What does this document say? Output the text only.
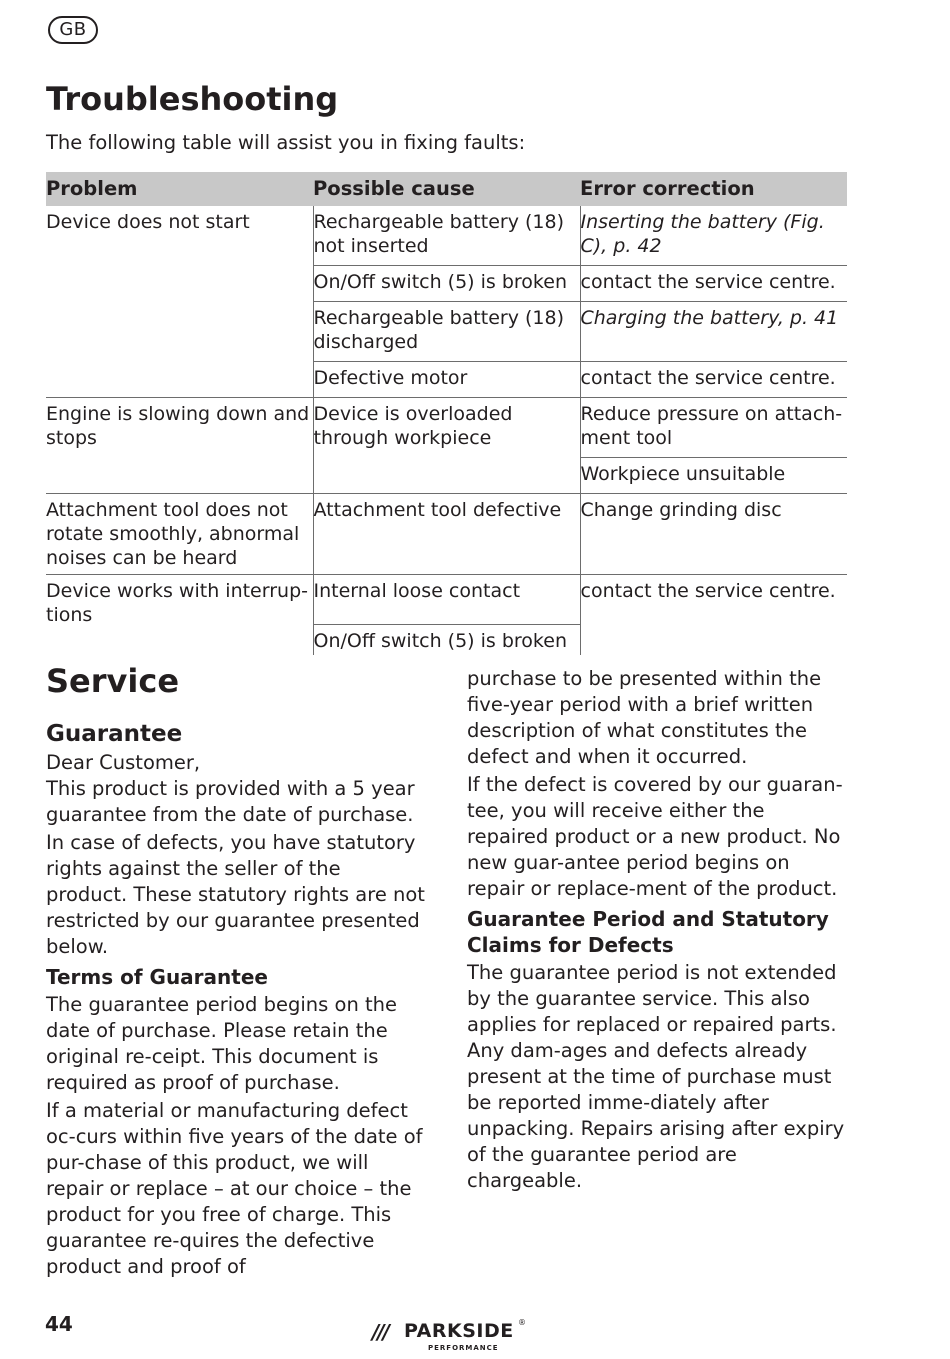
GB
Troubleshooting
The following table will assist you in fixing faults:
Problem	Possible cause	Error correction
Device does not start	Rechargeable battery (18) not inserted	Inserting the battery (Fig. C), p. 42
	On/Off switch (5) is broken	contact the service centre.
	Rechargeable battery (18) discharged	Charging the battery, p. 41
	Defective motor	contact the service centre.
Engine is slowing down and stops	Device is overloaded through workpiece	Reduce pressure on attach-ment tool
		Workpiece unsuitable
Attachment tool does not rotate smoothly, abnormal noises can be heard	Attachment tool defective	Change grinding disc
Device works with interrup-tions	Internal loose contact	contact the service centre.
	On/Off switch (5) is broken	
Service
Guarantee

Dear Customer,

This product is provided with a 5 year guarantee from the date of purchase.

In case of defects, you have statutory rights against the seller of the product. These statutory rights are not restricted by our guarantee presented below.

Terms of Guarantee

The guarantee period begins on the date of purchase. Please retain the original re-ceipt. This document is required as proof of purchase.

If a material or manufacturing defect oc-curs within five years of the date of pur-chase of this product, we will repair or replace – at our choice – the product for you free of charge. This guarantee re-quires the defective product and proof of

purchase to be presented within the five-year period with a brief written description of what constitutes the defect and when it occurred.

If the defect is covered by our guaran-tee, you will receive either the repaired product or a new product. No new guar-antee period begins on repair or replace-ment of the product.

Guarantee Period and Statutory Claims for Defects

The guarantee period is not extended by the guarantee service. This also applies for replaced or repaired parts. Any dam-ages and defects already present at the time of purchase must be reported imme-diately after unpacking. Repairs arising after expiry of the guarantee period are chargeable.

44	/// PARKSIDE ®
PERFORMANCE
